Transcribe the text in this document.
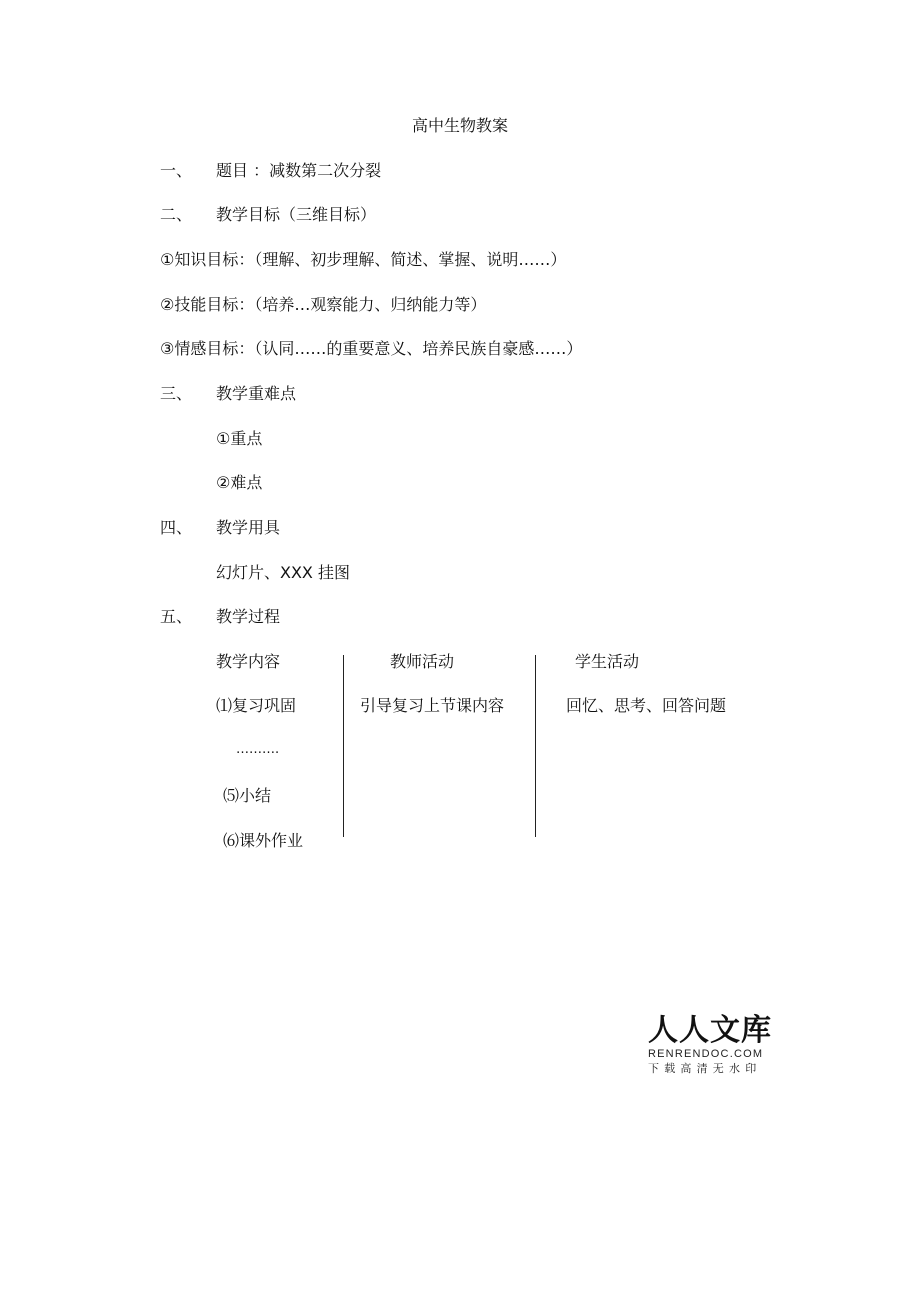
高中生物教案
一、 题目 ：减数第二次分裂
二、 教学目标（三维目标）
①知识目标：（理解、初步理解、简述、掌握、说明……）
②技能目标：（培养…观察能力、归纳能力等）
③情感目标：（认同……的重要意义、培养民族自豪感……）
三、 教学重难点
①重点
②难点
四、 教学用具
幻灯片、XXX 挂图
五、 教学过程
教学内容	教师活动	学生活动
⑴复习巩固	引导复习上节课内容	回忆、思考、回答问题
……….
⑸小结
⑹课外作业
人人文库
RENRENDOC.COM
下载高清无水印
